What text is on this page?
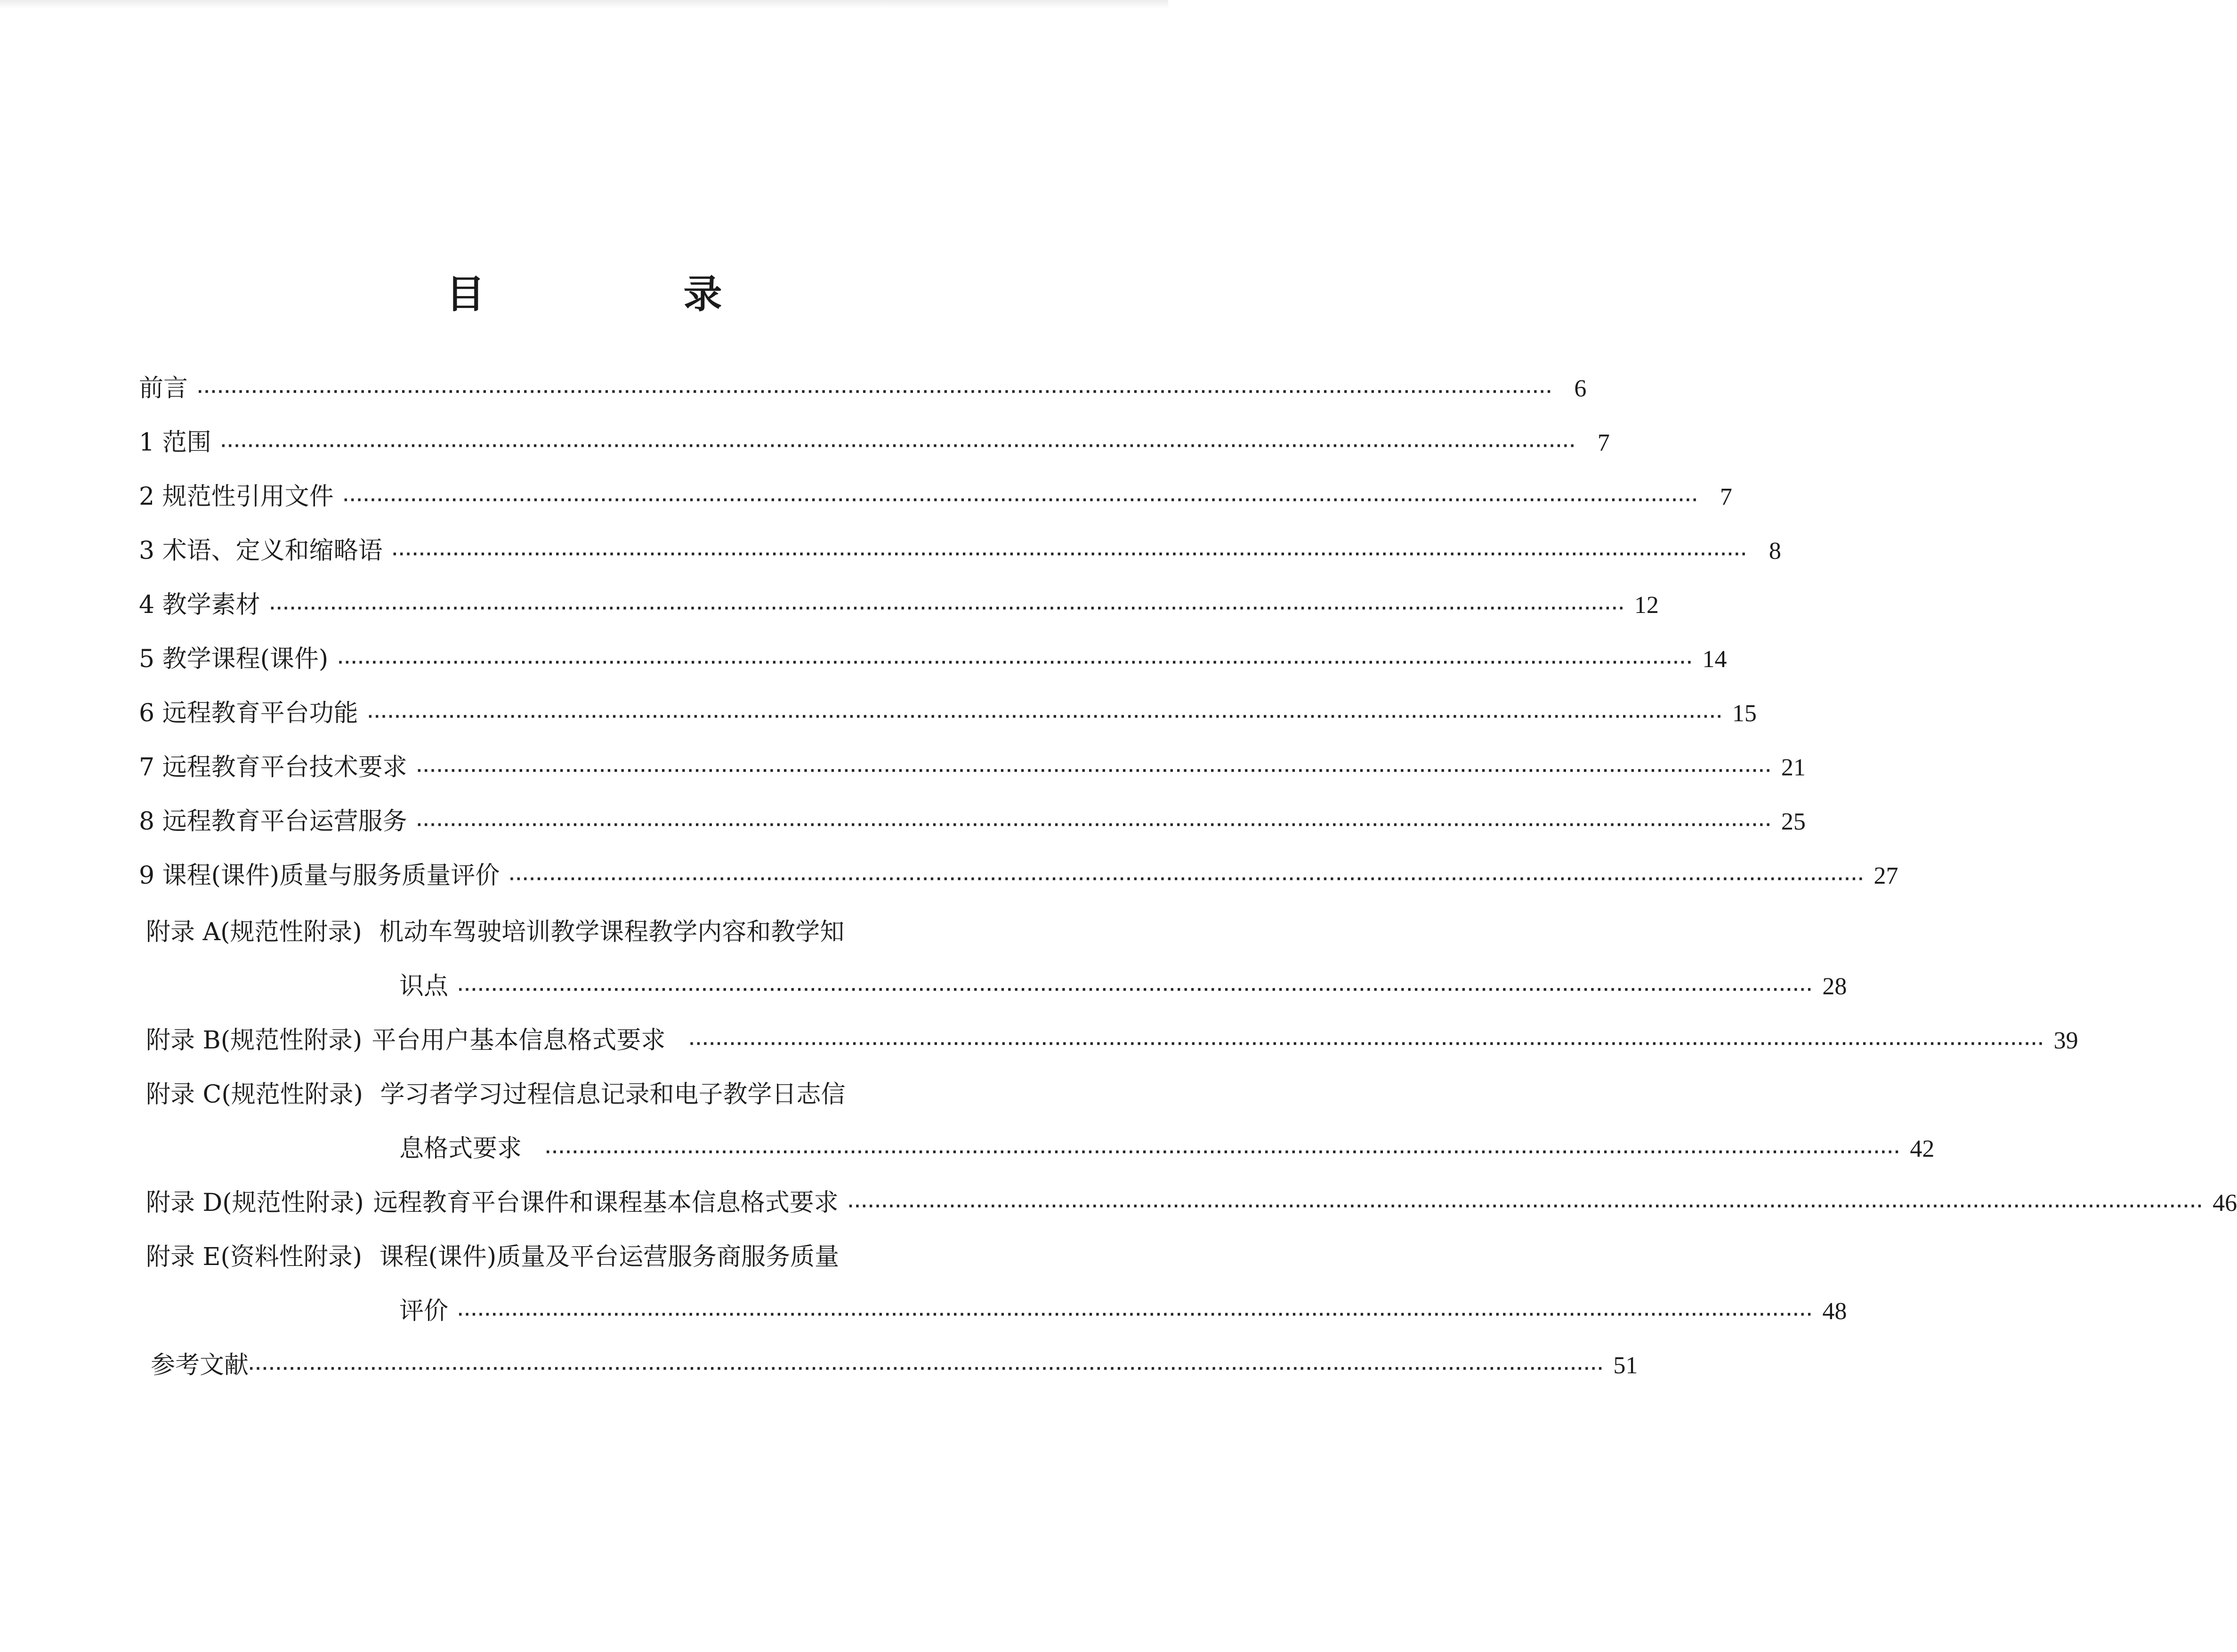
目　录
前言 ········································································································································································································ 6
1 范围 ········································································································································································································ 7
2 规范性引用文件 ········································································································································································································ 7
3 术语、定义和缩略语 ········································································································································································································ 8
4 教学素材 ········································································································································································································ 12
5 教学课程(课件) ········································································································································································································ 14
6 远程教育平台功能 ········································································································································································································ 15
7 远程教育平台技术要求 ········································································································································································································ 21
8 远程教育平台运营服务 ········································································································································································································ 25
9 课程(课件)质量与服务质量评价 ········································································································································································································ 27
附录 A(规范性附录) 机动车驾驶培训教学课程教学内容和教学知
识点 ········································································································································································································ 28
附录 B(规范性附录) 平台用户基本信息格式要求 ········································································································································································································ 39
附录 C(规范性附录) 学习者学习过程信息记录和电子教学日志信
息格式要求 ········································································································································································································ 42
附录 D(规范性附录) 远程教育平台课件和课程基本信息格式要求 ········································································································································································································ 46
附录 E(资料性附录) 课程(课件)质量及平台运营服务商服务质量
评价 ········································································································································································································ 48
参考文献 ········································································································································································································ 51
